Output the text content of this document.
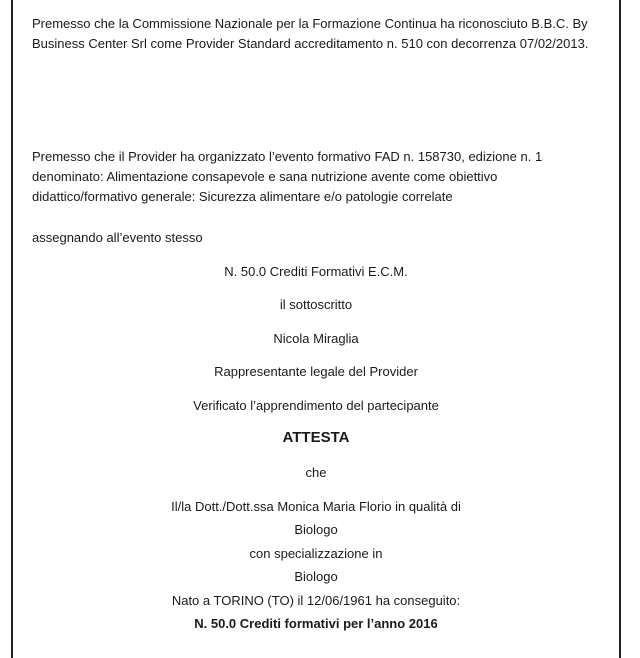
Premesso che la Commissione Nazionale per la Formazione Continua ha riconosciuto B.B.C. By Business Center Srl come Provider Standard accreditamento n. 510 con decorrenza 07/02/2013.

Premesso che il Provider ha organizzato l’evento formativo FAD n. 158730, edizione n. 1 denominato: Alimentazione consapevole e sana nutrizione avente come obiettivo didattico/formativo generale: Sicurezza alimentare e/o patologie correlate

assegnando all’evento stesso

N. 50.0 Crediti Formativi E.C.M.

il sottoscritto

Nicola Miraglia

Rappresentante legale del Provider

Verificato l’apprendimento del partecipante

ATTESTA

che

Il/la Dott./Dott.ssa Monica Maria Florio in qualità di

Biologo

con specializzazione in

Biologo

Nato a TORINO (TO) il 12/06/1961 ha conseguito:

N. 50.0 Crediti formativi per l’anno 2016
